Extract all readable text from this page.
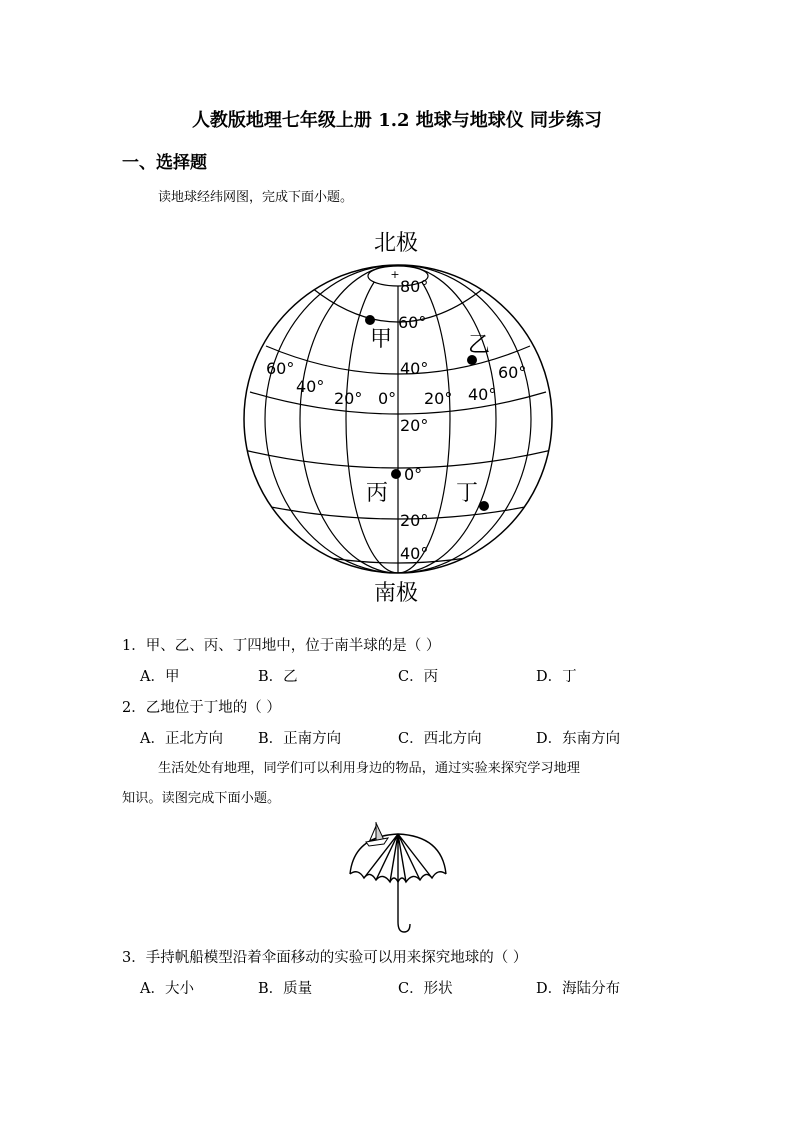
人教版地理七年级上册 1.2 地球与地球仪 同步练习
一、选择题
读地球经纬网图，完成下面小题。
北极
+
80°
60°
40°
20°
0°
20°
40°
60°
40°
20° 0° 20° 40°
60°
甲	乙
丙	丁
南极
1．甲、乙、丙、丁四地中，位于南半球的是（ ）
A．甲	B．乙	C．丙	D．丁
2．乙地位于丁地的（ ）
A．正北方向 B．正南方向	C．西北方向	D．东南方向
生活处处有地理，同学们可以利用身边的物品，通过实验来探究学习地理
知识。读图完成下面小题。
3．手持帆船模型沿着伞面移动的实验可以用来探究地球的（ ）
A．大小	B．质量	C．形状	D．海陆分布
